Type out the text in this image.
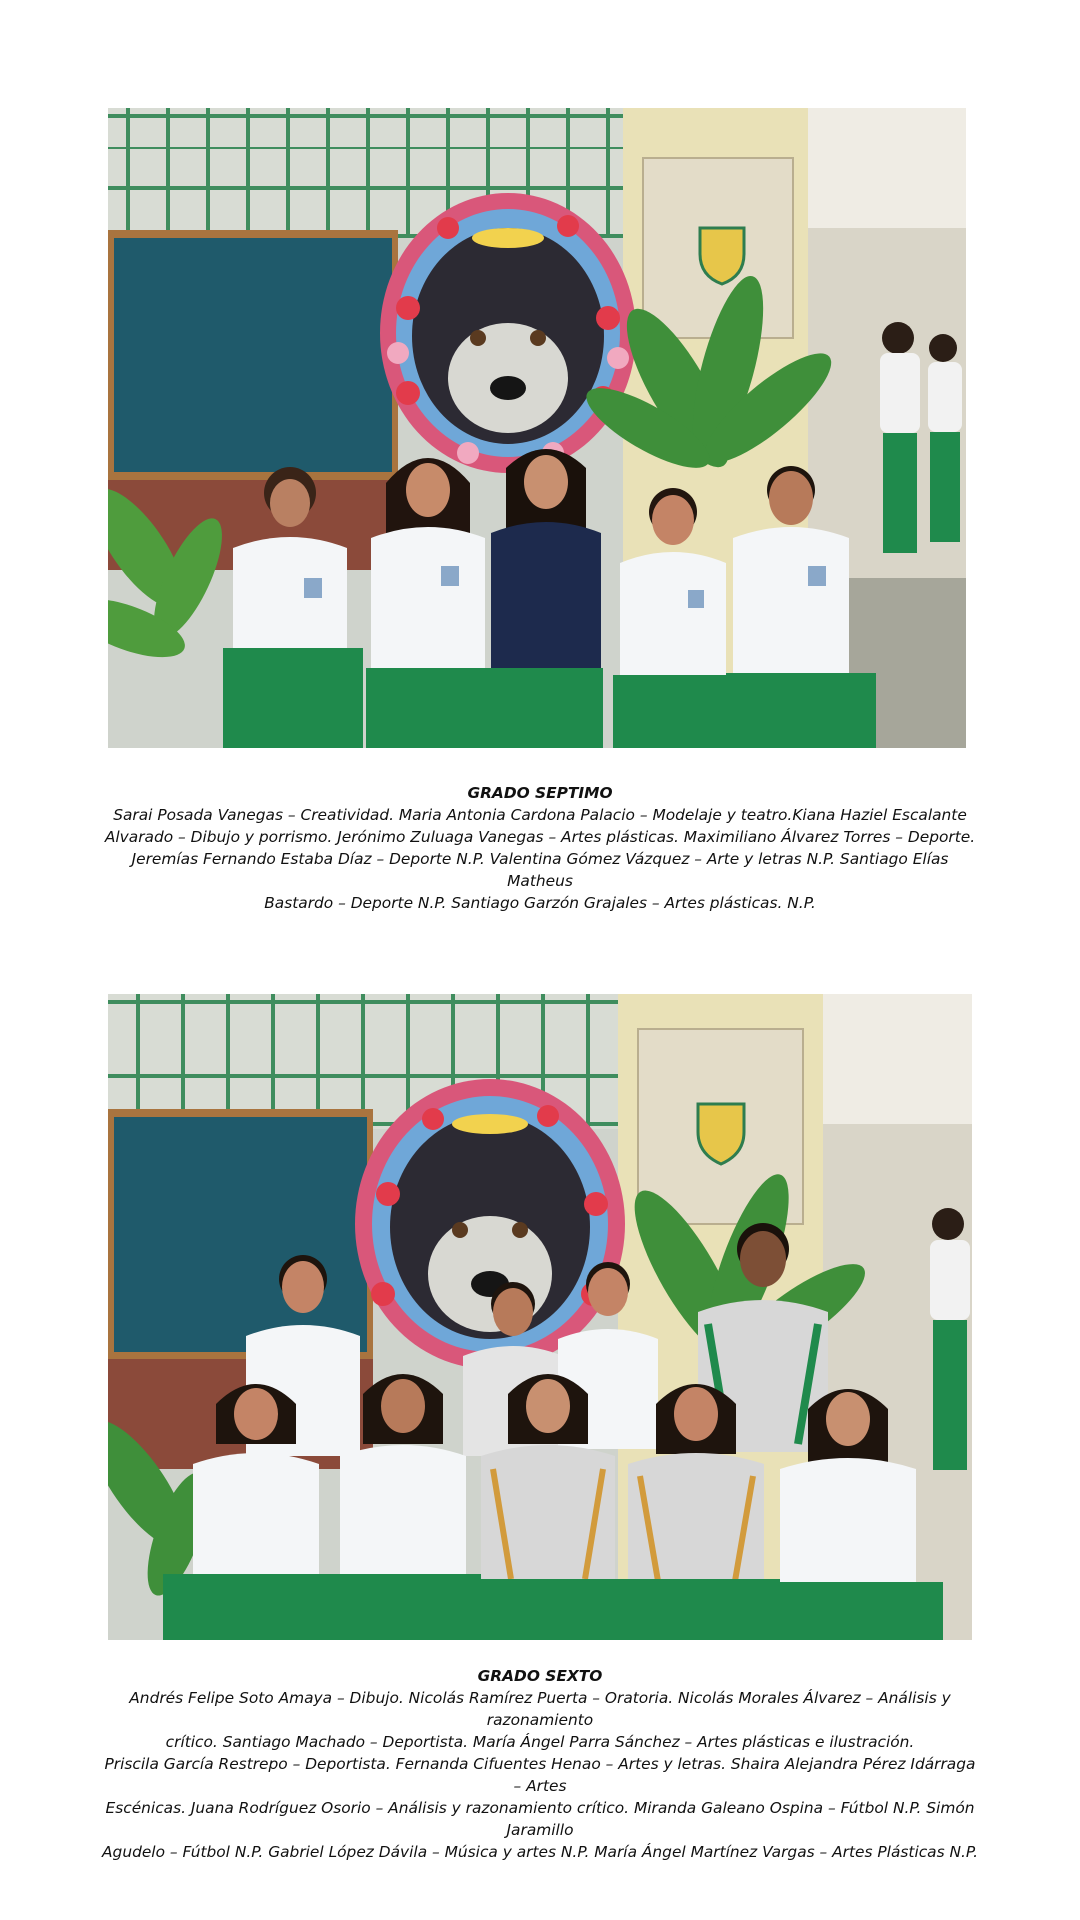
GRADO SEPTIMO
Sarai Posada Vanegas – Creatividad. Maria Antonia Cardona Palacio – Modelaje y teatro.Kiana Haziel Escalante
Alvarado – Dibujo y porrismo. Jerónimo Zuluaga Vanegas – Artes plásticas. Maximiliano Álvarez Torres – Deporte.
Jeremías Fernando Estaba Díaz – Deporte N.P. Valentina Gómez Vázquez – Arte y letras N.P. Santiago Elías Matheus
Bastardo – Deporte N.P. Santiago Garzón Grajales – Artes plásticas. N.P.
GRADO SEXTO
Andrés Felipe Soto Amaya – Dibujo. Nicolás Ramírez Puerta – Oratoria. Nicolás Morales Álvarez – Análisis y razonamiento
crítico. Santiago Machado – Deportista. María Ángel Parra Sánchez – Artes plásticas e ilustración.
Priscila García Restrepo – Deportista. Fernanda Cifuentes Henao – Artes y letras. Shaira Alejandra Pérez Idárraga – Artes
Escénicas. Juana Rodríguez Osorio – Análisis y razonamiento crítico. Miranda Galeano Ospina – Fútbol N.P. Simón Jaramillo
Agudelo – Fútbol N.P. Gabriel López Dávila – Música y artes N.P. María Ángel Martínez Vargas – Artes Plásticas N.P.
